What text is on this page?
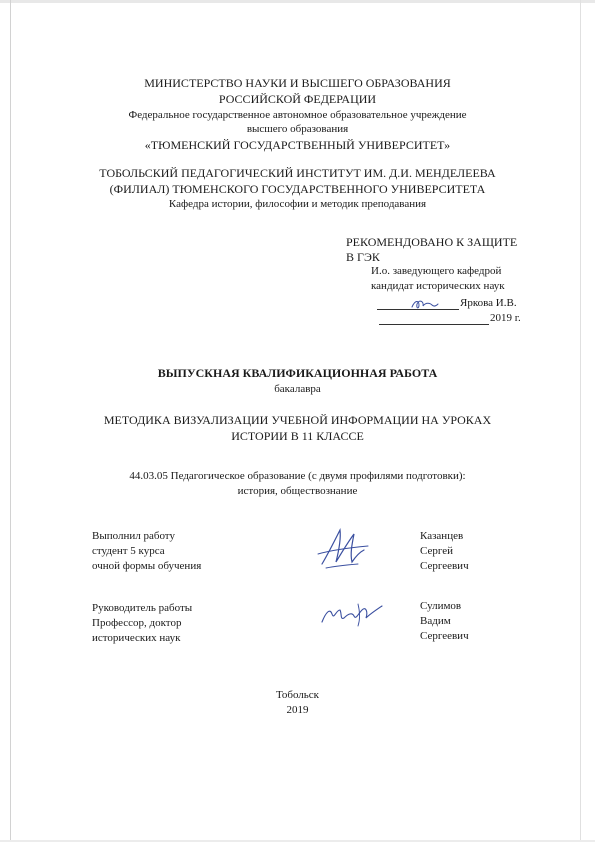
МИНИСТЕРСТВО НАУКИ И ВЫСШЕГО ОБРАЗОВАНИЯ
РОССИЙСКОЙ ФЕДЕРАЦИИ
Федеральное государственное автономное образовательное учреждение
высшего образования
«ТЮМЕНСКИЙ ГОСУДАРСТВЕННЫЙ УНИВЕРСИТЕТ»
ТОБОЛЬСКИЙ ПЕДАГОГИЧЕСКИЙ ИНСТИТУТ ИМ. Д.И. МЕНДЕЛЕЕВА
(ФИЛИАЛ) ТЮМЕНСКОГО ГОСУДАРСТВЕННОГО УНИВЕРСИТЕТА
Кафедра истории, философии и методик преподавания
РЕКОМЕНДОВАНО К ЗАЩИТЕ
В ГЭК
И.о. заведующего кафедрой
кандидат исторических наук
Яркова И.В.
2019 г.
ВЫПУСКНАЯ КВАЛИФИКАЦИОННАЯ РАБОТА
бакалавра
МЕТОДИКА ВИЗУАЛИЗАЦИИ УЧЕБНОЙ ИНФОРМАЦИИ НА УРОКАХ
ИСТОРИИ В 11 КЛАССЕ
44.03.05 Педагогическое образование (с двумя профилями подготовки):
история, обществознание
Выполнил работу
студент 5 курса
очной формы обучения
Казанцев
Сергей
Сергеевич
Руководитель работы
Профессор, доктор
исторических наук
Сулимов
Вадим
Сергеевич
Тобольск
2019
